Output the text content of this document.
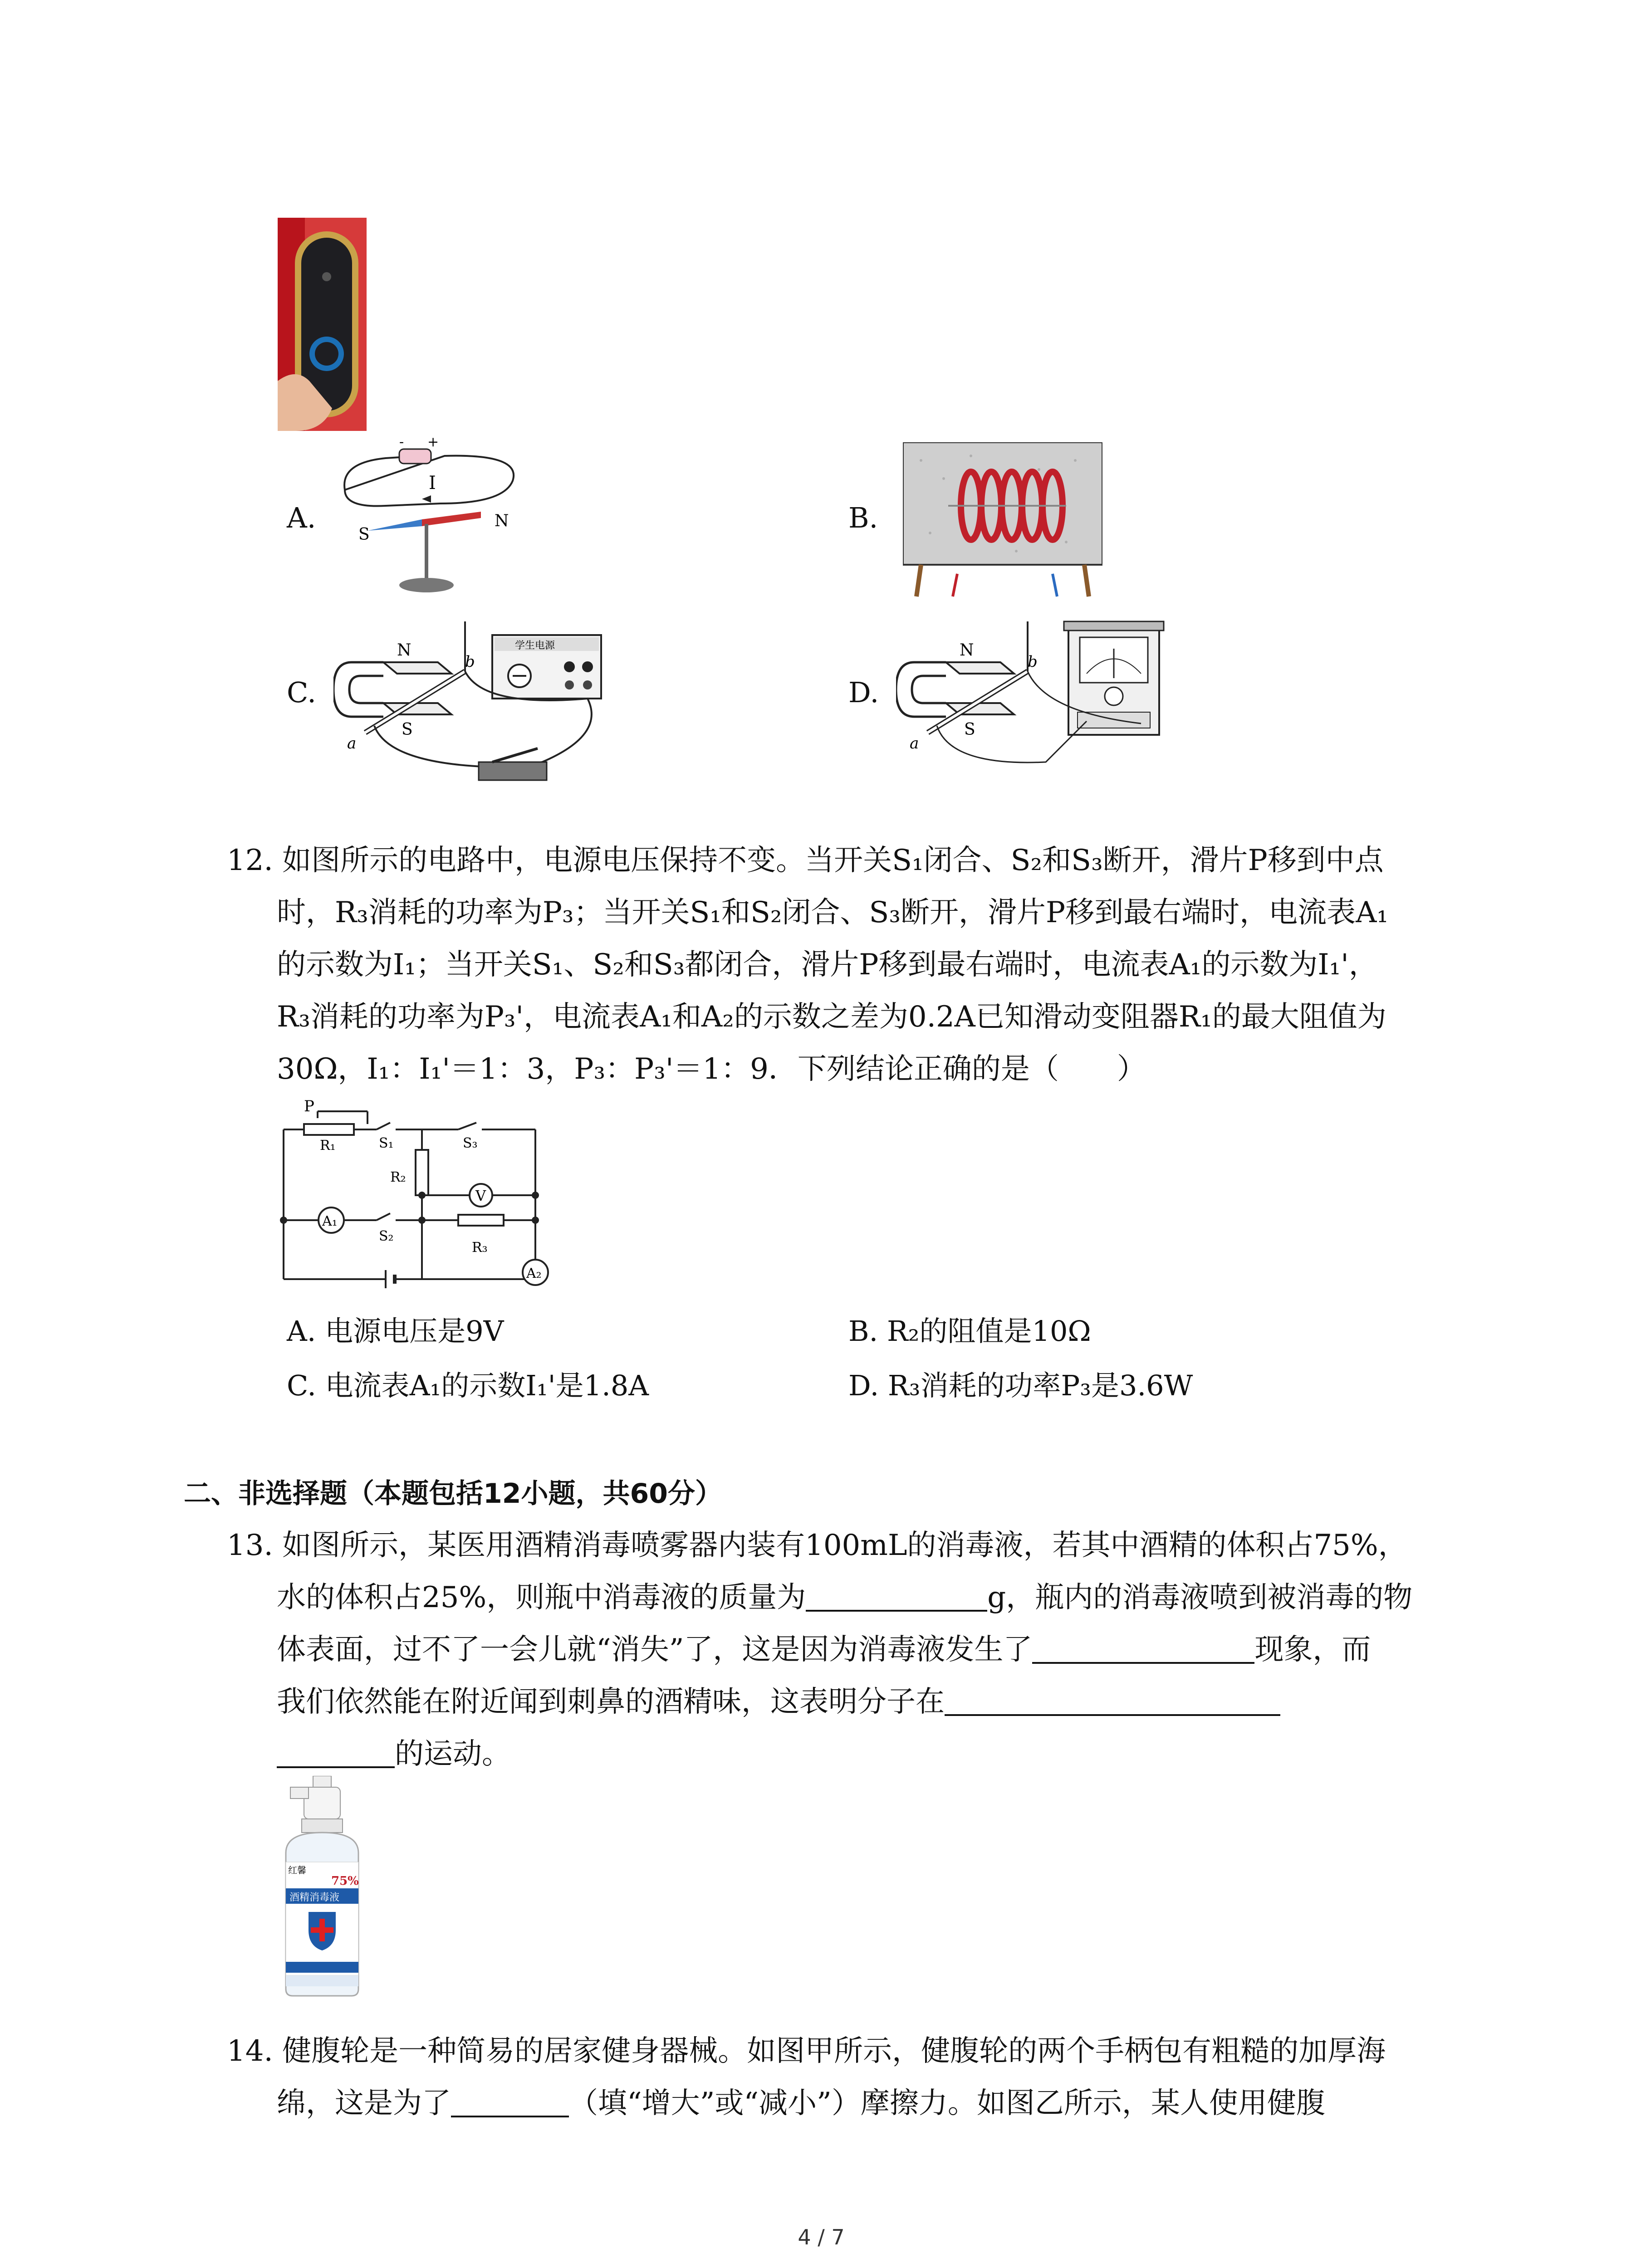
A.	B.
C.	D.
- +
I
S
N
N
S
a
b
学生电源	N
S
a
b
12. 如图所示的电路中，电源电压保持不变。当开关S₁闭合、S₂和S₃断开，滑片P移到中点
时，R₃消耗的功率为P₃；当开关S₁和S₂闭合、S₃断开，滑片P移到最右端时，电流表A₁
的示数为I₁；当开关S₁、S₂和S₃都闭合，滑片P移到最右端时，电流表A₁的示数为I₁'，
R₃消耗的功率为P₃'，电流表A₁和A₂的示数之差为0.2A已知滑动变阻器R₁的最大阻值为
30Ω，I₁：I₁'＝1：3，P₃：P₃'＝1：9．下列结论正确的是（　　）
P
R₁	S₁	S₃
R₂
V
A₁
S₂
R₃
A₂
A. 电源电压是9V	B. R₂的阻值是10Ω
C. 电流表A₁的示数I₁'是1.8A	D. R₃消耗的功率P₃是3.6W
二、非选择题（本题包括12小题，共60分）
13. 如图所示，某医用酒精消毒喷雾器内装有100mL的消毒液，若其中酒精的体积占75%，
水的体积占25%，则瓶中消毒液的质量为	g，瓶内的消毒液喷到被消毒的物
体表面，过不了一会儿就“消失”了，这是因为消毒液发生了	现象，而
我们依然能在附近闻到刺鼻的酒精味，这表明分子在
的运动。
红馨
75%
酒精消毒液
14. 健腹轮是一种简易的居家健身器械。如图甲所示，健腹轮的两个手柄包有粗糙的加厚海
绵，这是为了	（填“增大”或“减小”）摩擦力。如图乙所示，某人使用健腹
4 / 7
